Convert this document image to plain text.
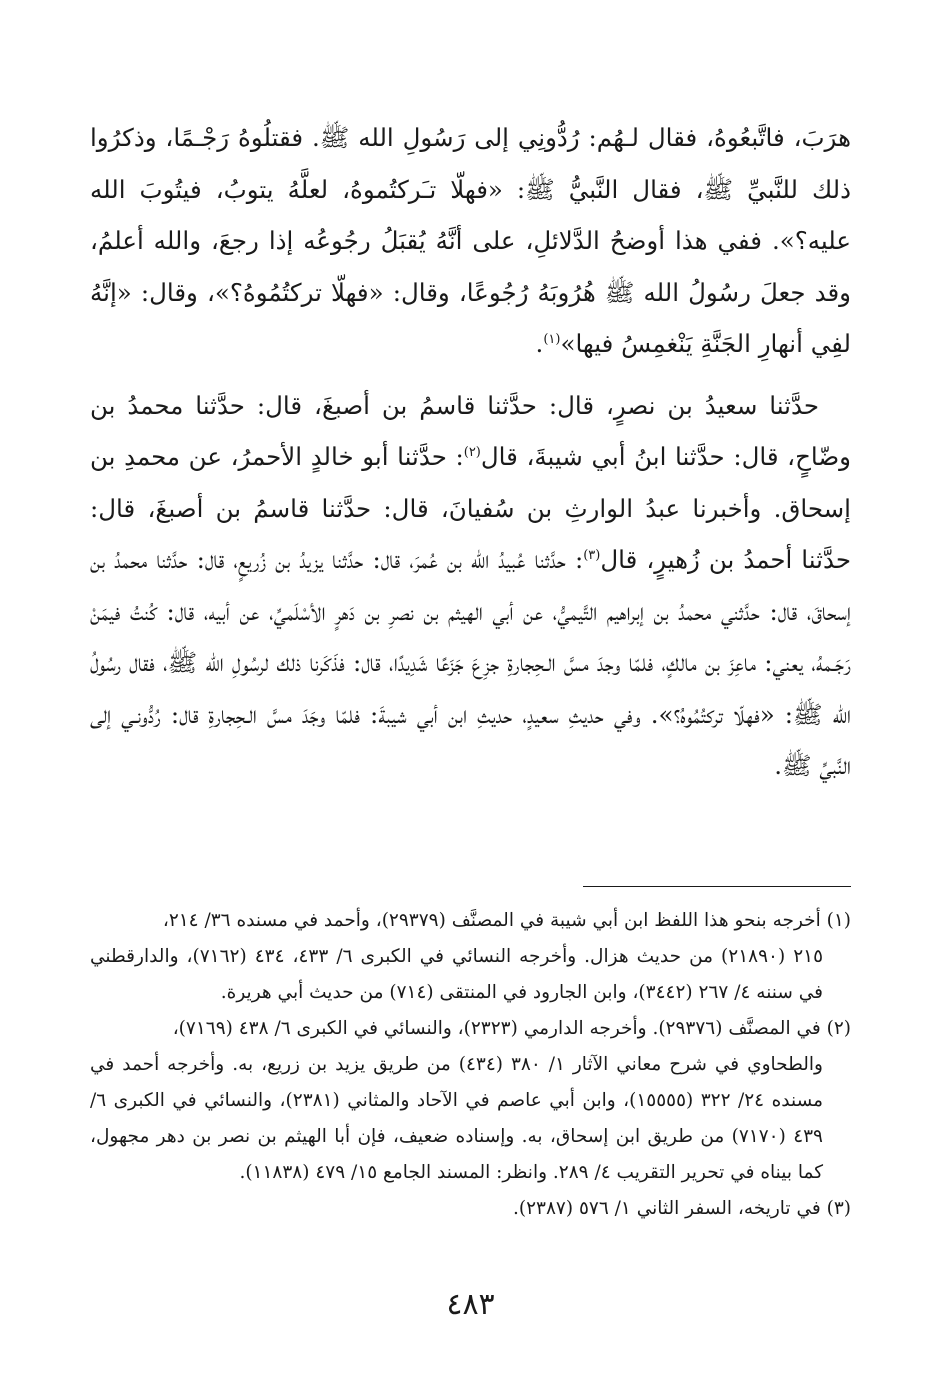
هرَبَ، فاتَّبعُوهُ، فقال لـهُم: رُدُّونِي إلى رَسُولِ الله ﷺ. فقتلُوهُ رَجْـمًا، وذكرُوا ذلك للنَّبيِّ ﷺ، فقال النَّبيُّ ﷺ: «فهلّا تـَركتُموهُ، لعلَّهُ يتوبُ، فيتُوبَ الله عليه؟». ففي هذا أوضحُ الدَّلائلِ، على أنَّهُ يُقبَلُ رجُوعُه إذا رجعَ، والله أعلمُ، وقد جعلَ رسُولُ الله ﷺ هُرُوبَهُ رُجُوعًا، وقال: «فهلّا تركتُمُوهُ؟»، وقال: «إنَّهُ لفِي أنهارِ الجَنَّةِ يَنْغمِسُ فيها»$^{(١)}$.

حدَّثنا سعيدُ بن نصرٍ، قال: حدَّثنا قاسمُ بن أصبغَ، قال: حدَّثنا محمدُ بن وضّاحٍ، قال: حدَّثنا ابنُ أبي شيبةَ، قال$^{(٢)}$: حدَّثنا أبو خالدٍ الأحمرُ، عن محمدِ بن إسحاق. وأخبرنا عبدُ الوارثِ بن سُفيانَ، قال: حدَّثنا قاسمُ بن أصبغَ، قال: حدَّثنا أحمدُ بن زُهيرٍ، قال$^{(٣)}$: حدَّثنا عُبيدُ الله بن عُمرَ، قال: حدَّثنا يزيدُ بن زُريعٍ، قال: حدَّثنا محمدُ بن إسحاقَ، قال: حدَّثني محمدُ بن إبراهيم التَّيميُّ، عن أبي الهيثم بن نصرِ بن دَهرٍ الأسْلَميِّ، عن أبيه، قال: كُنتُ فيمَنْ رَجَـمهُ، يعني: ماعِزَ بن مالكٍ، فلمّا وجدَ مسَّ الـحِجارةِ جزِعَ جَزَعًا شَدِيدًا، قال: فذَكَرنا ذلك لرسُولِ الله ﷺ، فقال رسُولُ الله ﷺ: «فهلّا تركتُمُوهُ؟». وفي حديثِ سعيدٍ، حديثِ ابن أبي شيبةَ: فلمّا وجَدَ مسَّ الـحِجارةِ قال: رُدُّونـي إلى النَّبيِّ ﷺ.

(١) أخرجه بنحو هذا اللفظ ابن أبي شيبة في المصنَّف (٢٩٣٧٩)، وأحمد في مسنده ٣٦/ ٢١٤،

٢١٥ (٢١٨٩٠) من حديث هزال. وأخرجه النسائي في الكبرى ٦/ ٤٣٣، ٤٣٤ (٧١٦٢)، والدارقطني في سننه ٤/ ٢٦٧ (٣٤٤٢)، وابن الجارود في المنتقى (٧١٤) من حديث أبي هريرة.

(٢) في المصنَّف (٢٩٣٧٦). وأخرجه الدارمي (٢٣٢٣)، والنسائي في الكبرى ٦/ ٤٣٨ (٧١٦٩)،

والطحاوي في شرح معاني الآثار ١/ ٣٨٠ (٤٣٤) من طريق يزيد بن زريع، به. وأخرجه أحمد في مسنده ٢٤/ ٣٢٢ (١٥٥٥٥)، وابن أبي عاصم في الآحاد والمثاني (٢٣٨١)، والنسائي في الكبرى ٦/ ٤٣٩ (٧١٧٠) من طريق ابن إسحاق، به. وإسناده ضعيف، فإن أبا الهيثم بن نصر بن دهر مجهول، كما بيناه في تحرير التقريب ٤/ ٢٨٩. وانظر: المسند الجامع ١٥/ ٤٧٩ (١١٨٣٨).

(٣) في تاريخه، السفر الثاني ١/ ٥٧٦ (٢٣٨٧).

٤٨٣
